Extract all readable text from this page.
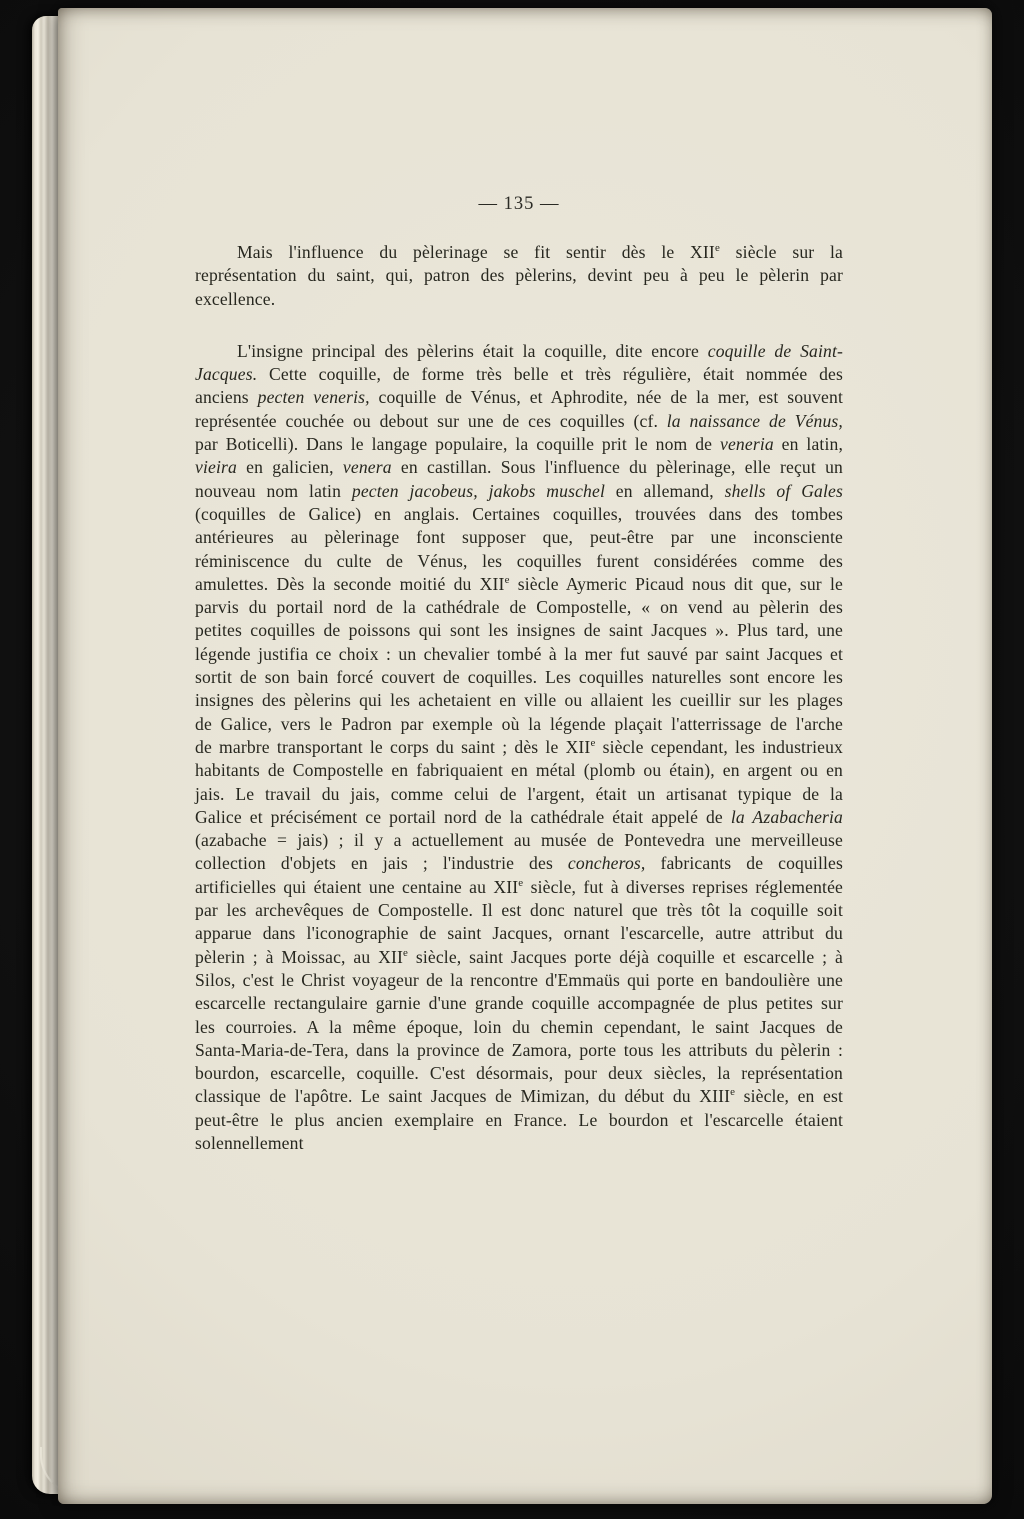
— 135 —

Mais l'influence du pèlerinage se fit sentir dès le XIIe siècle sur la représentation du saint, qui, patron des pèlerins, devint peu à peu le pèlerin par excellence.

L'insigne principal des pèlerins était la coquille, dite encore coquille de Saint-Jacques. Cette coquille, de forme très belle et très régulière, était nommée des anciens pecten veneris, coquille de Vénus, et Aphrodite, née de la mer, est souvent représentée couchée ou debout sur une de ces coquilles (cf. la naissance de Vénus, par Boticelli). Dans le langage populaire, la coquille prit le nom de veneria en latin, vieira en galicien, venera en castillan. Sous l'influence du pèlerinage, elle reçut un nouveau nom latin pecten jacobeus, jakobs muschel en allemand, shells of Gales (coquilles de Galice) en anglais. Certaines coquilles, trouvées dans des tombes antérieures au pèlerinage font supposer que, peut-être par une inconsciente réminiscence du culte de Vénus, les coquilles furent considérées comme des amulettes. Dès la seconde moitié du XIIe siècle Aymeric Picaud nous dit que, sur le parvis du portail nord de la cathédrale de Compostelle, « on vend au pèlerin des petites coquilles de poissons qui sont les insignes de saint Jacques ». Plus tard, une légende justifia ce choix : un chevalier tombé à la mer fut sauvé par saint Jacques et sortit de son bain forcé couvert de coquilles. Les coquilles naturelles sont encore les insignes des pèlerins qui les achetaient en ville ou allaient les cueillir sur les plages de Galice, vers le Padron par exemple où la légende plaçait l'atterrissage de l'arche de marbre transportant le corps du saint ; dès le XIIe siècle cependant, les industrieux habitants de Compostelle en fabriquaient en métal (plomb ou étain), en argent ou en jais. Le travail du jais, comme celui de l'argent, était un artisanat typique de la Galice et précisément ce portail nord de la cathédrale était appelé de la Azabacheria (azabache = jais) ; il y a actuellement au musée de Pontevedra une merveilleuse collection d'objets en jais ; l'industrie des concheros, fabricants de coquilles artificielles qui étaient une centaine au XIIe siècle, fut à diverses reprises réglementée par les archevêques de Compostelle. Il est donc naturel que très tôt la coquille soit apparue dans l'iconographie de saint Jacques, ornant l'escarcelle, autre attribut du pèlerin ; à Moissac, au XIIe siècle, saint Jacques porte déjà coquille et escarcelle ; à Silos, c'est le Christ voyageur de la rencontre d'Emmaüs qui porte en bandoulière une escarcelle rectangulaire garnie d'une grande coquille accompagnée de plus petites sur les courroies. A la même époque, loin du chemin cependant, le saint Jacques de Santa-Maria-de-Tera, dans la province de Zamora, porte tous les attributs du pèlerin : bourdon, escarcelle, coquille. C'est désormais, pour deux siècles, la représentation classique de l'apôtre. Le saint Jacques de Mimizan, du début du XIIIe siècle, en est peut-être le plus ancien exemplaire en France. Le bourdon et l'escarcelle étaient solennellement
